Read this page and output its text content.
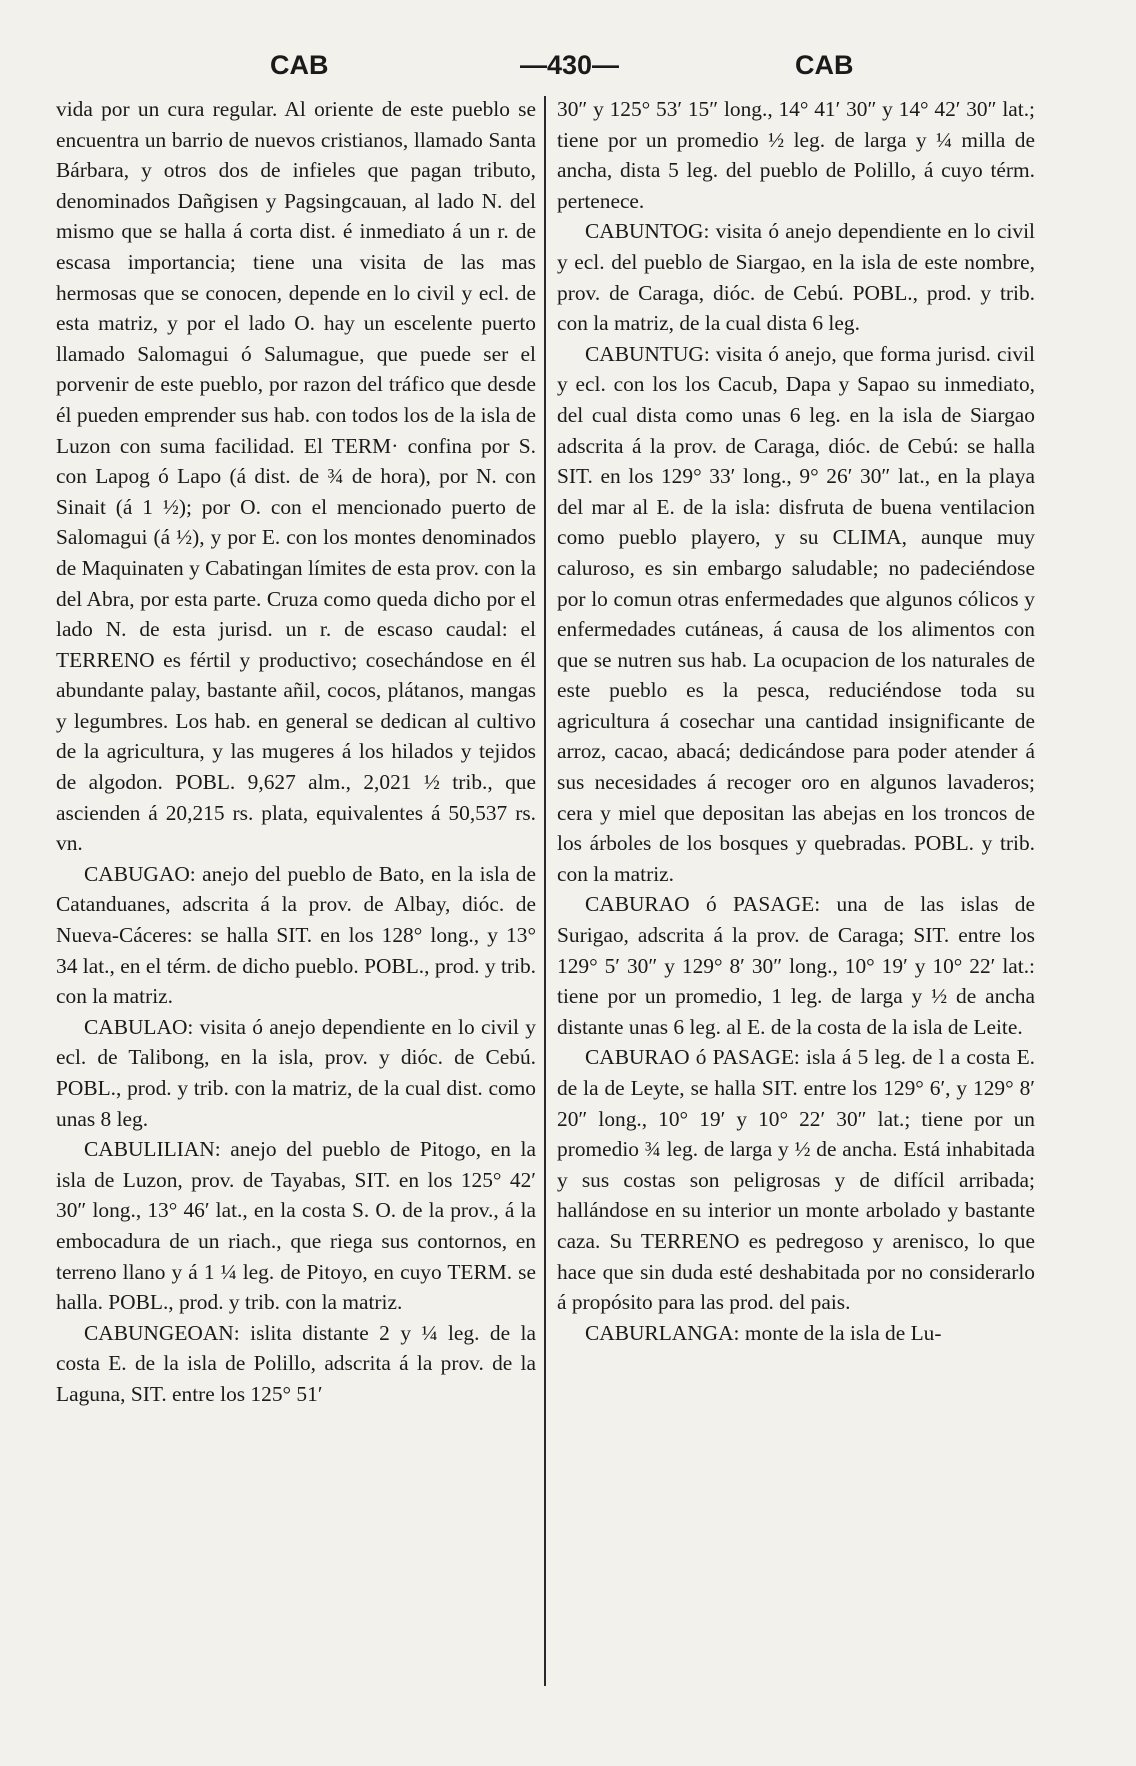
CAB	—430—	CAB

vida por un cura regular. Al oriente de este pueblo se encuentra un barrio de nuevos cristianos, llamado Santa Bárbara, y otros dos de infieles que pagan tributo, denominados Dañgisen y Pagsingcauan, al lado N. del mismo que se halla á corta dist. é inmediato á un r. de escasa importancia; tiene una visita de las mas hermosas que se conocen, depende en lo civil y ecl. de esta matriz, y por el lado O. hay un escelente puerto llamado Salomagui ó Salumague, que puede ser el porvenir de este pueblo, por razon del tráfico que desde él pueden emprender sus hab. con todos los de la isla de Luzon con suma facilidad. El TERM· confina por S. con Lapog ó Lapo (á dist. de ¾ de hora), por N. con Sinait (á 1 ½); por O. con el mencionado puerto de Salomagui (á ½), y por E. con los montes denominados de Maquinaten y Cabatingan límites de esta prov. con la del Abra, por esta parte. Cruza como queda dicho por el lado N. de esta jurisd. un r. de escaso caudal: el TERRENO es fértil y productivo; cosechándose en él abundante palay, bastante añil, cocos, plátanos, mangas y legumbres. Los hab. en general se dedican al cultivo de la agricultura, y las mugeres á los hilados y tejidos de algodon. POBL. 9,627 alm., 2,021 ½ trib., que ascienden á 20,215 rs. plata, equivalentes á 50,537 rs. vn.

CABUGAO: anejo del pueblo de Bato, en la isla de Catanduanes, adscrita á la prov. de Albay, dióc. de Nueva-Cáceres: se halla SIT. en los 128° long., y 13° 34 lat., en el térm. de dicho pueblo. POBL., prod. y trib. con la matriz.

CABULAO: visita ó anejo dependiente en lo civil y ecl. de Talibong, en la isla, prov. y dióc. de Cebú. POBL., prod. y trib. con la matriz, de la cual dist. como unas 8 leg.

CABULILIAN: anejo del pueblo de Pitogo, en la isla de Luzon, prov. de Tayabas, SIT. en los 125° 42′ 30″ long., 13° 46′ lat., en la costa S. O. de la prov., á la embocadura de un riach., que riega sus contornos, en terreno llano y á 1 ¼ leg. de Pitoyo, en cuyo TERM. se halla. POBL., prod. y trib. con la matriz.

CABUNGEOAN: islita distante 2 y ¼ leg. de la costa E. de la isla de Polillo, adscrita á la prov. de la Laguna, SIT. entre los 125° 51′

30″ y 125° 53′ 15″ long., 14° 41′ 30″ y 14° 42′ 30″ lat.; tiene por un promedio ½ leg. de larga y ¼ milla de ancha, dista 5 leg. del pueblo de Polillo, á cuyo térm. pertenece.

CABUNTOG: visita ó anejo dependiente en lo civil y ecl. del pueblo de Siargao, en la isla de este nombre, prov. de Caraga, dióc. de Cebú. POBL., prod. y trib. con la matriz, de la cual dista 6 leg.

CABUNTUG: visita ó anejo, que forma jurisd. civil y ecl. con los los Cacub, Dapa y Sapao su inmediato, del cual dista como unas 6 leg. en la isla de Siargao adscrita á la prov. de Caraga, dióc. de Cebú: se halla SIT. en los 129° 33′ long., 9° 26′ 30″ lat., en la playa del mar al E. de la isla: disfruta de buena ventilacion como pueblo playero, y su CLIMA, aunque muy caluroso, es sin embargo saludable; no padeciéndose por lo comun otras enfermedades que algunos cólicos y enfermedades cutáneas, á causa de los alimentos con que se nutren sus hab. La ocupacion de los naturales de este pueblo es la pesca, reduciéndose toda su agricultura á cosechar una cantidad insignificante de arroz, cacao, abacá; dedicándose para poder atender á sus necesidades á recoger oro en algunos lavaderos; cera y miel que depositan las abejas en los troncos de los árboles de los bosques y quebradas. POBL. y trib. con la matriz.

CABURAO ó PASAGE: una de las islas de Surigao, adscrita á la prov. de Caraga; SIT. entre los 129° 5′ 30″ y 129° 8′ 30″ long., 10° 19′ y 10° 22′ lat.: tiene por un promedio, 1 leg. de larga y ½ de ancha distante unas 6 leg. al E. de la costa de la isla de Leite.

CABURAO ó PASAGE: isla á 5 leg. de l a costa E. de la de Leyte, se halla SIT. entre los 129° 6′, y 129° 8′ 20″ long., 10° 19′ y 10° 22′ 30″ lat.; tiene por un promedio ¾ leg. de larga y ½ de ancha. Está inhabitada y sus costas son peligrosas y de difícil arribada; hallándose en su interior un monte arbolado y bastante caza. Su TERRENO es pedregoso y arenisco, lo que hace que sin duda esté deshabitada por no considerarlo á propósito para las prod. del pais.

CABURLANGA: monte de la isla de Lu-
